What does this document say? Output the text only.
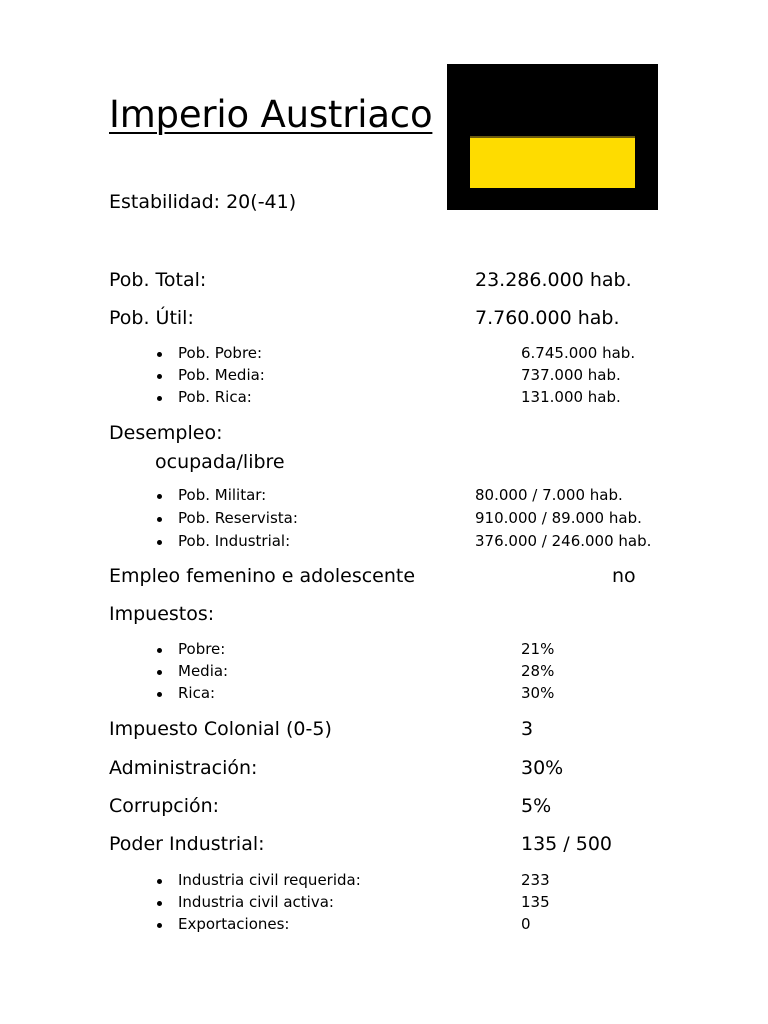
Imperio Austriaco
Estabilidad: 20(-41)
Pob. Total:	23.286.000 hab.
Pob. Útil:	7.760.000 hab.
Pob. Pobre:	6.745.000 hab.
Pob. Media:	737.000 hab.
Pob. Rica:	131.000 hab.
Desempleo:
ocupada/libre
Pob. Militar:	80.000 / 7.000 hab.
Pob. Reservista:	910.000 / 89.000 hab.
Pob. Industrial:	376.000 / 246.000 hab.
Empleo femenino e adolescente	no
Impuestos:
Pobre:	21%
Media:	28%
Rica:	30%
Impuesto Colonial (0-5)	3
Administración:	30%
Corrupción:	5%
Poder Industrial:	135 / 500
Industria civil requerida:	233
Industria civil activa:	135
Exportaciones:	0
